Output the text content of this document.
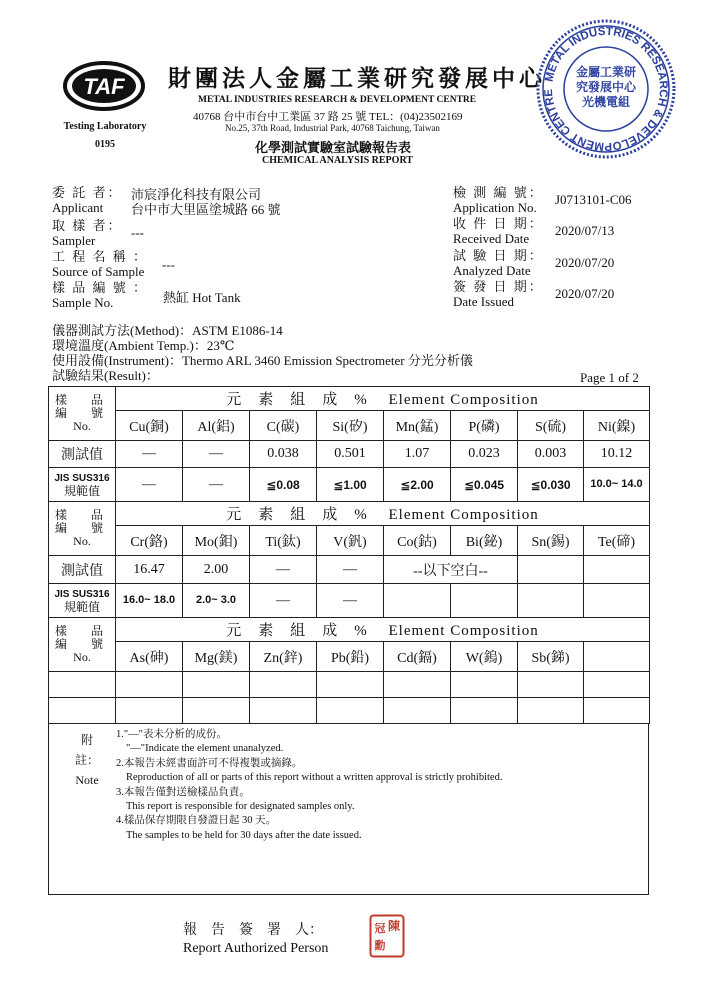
TAF
Testing Laboratory
0195
財團法人金屬工業研究發展中心
METAL INDUSTRIES RESEARCH & DEVELOPMENT CENTRE
40768 台中市台中工業區 37 路 25 號 TEL：(04)23502169
No.25, 37th Road, Industrial Park, 40768 Taichung, Taiwan
化學測試實驗室試驗報告表
CHEMICAL ANALYSIS REPORT
METAL INDUSTRIES RESEARCH & DEVELOPMENT CENTRE
金屬工業研
究發展中心
光機電組
委 託 者：
Applicant
沛宸淨化科技有限公司
台中市大里區塗城路 66 號
取 樣 者：
Sampler
---
工 程 名 稱 ：
Source of Sample ---
樣 品 編 號 ：
Sample No.	熱缸 Hot Tank
檢 測 編 號：
Application No.
J0713101-C06
收 件 日 期：
Received Date
2020/07/13
試 驗 日 期：
Analyzed Date
2020/07/20
簽 發 日 期：
Date Issued
2020/07/20
儀器測試方法(Method)：ASTM E1086-14
環境溫度(Ambient Temp.)：23℃
使用設備(Instrument)：Thermo ARL 3460 Emission Spectrometer 分光分析儀
試驗結果(Result)：	Page 1 of 2
樣　品
編　號
No.	元　素　組　成　%　 Element Composition							
	Cu(銅)	Al(鋁)	C(碳)	Si(矽)	Mn(錳)	P(磷)	S(硫)	Ni(鎳)
測試值	—	—	0.038	0.501	1.07	0.023	0.003	10.12

JIS SUS316
規範值	—	—	≦0.08	≦1.00	≦2.00	≦0.045	≦0.030	10.0~ 14.0

樣　品
編　號
No.	元　素　組　成　%　 Element Composition							
	Cr(鉻)	Mo(鉬)	Ti(鈦)	V(釩)	Co(鈷)	Bi(鉍)	Sn(錫)	Te(碲)
測試值	16.47	2.00	—	—	--以下空白--			

JIS SUS316
規範值	16.0~ 18.0	2.0~ 3.0	—	—				

樣　品
編　號
No.	元　素　組　成　%　 Element Composition							
	As(砷)	Mg(鎂)	Zn(鋅)	Pb(鉛)	Cd(鎘)	W(鎢)	Sb(銻)	

附註：
Note
1."—"表未分析的成份。
"—"Indicate the element unanalyzed.
2.本報告未經書面許可不得複製或摘錄。
Reproduction of all or parts of this report without a written approval is strictly prohibited.
3.本報告僅對送檢樣品負責。
This report is responsible for designated samples only.
4.樣品保存期限自發證日起 30 天。
The samples to be held for 30 days after the date issued.
報　告　簽　署　人：
Report Authorized Person
陳
冠
勳
